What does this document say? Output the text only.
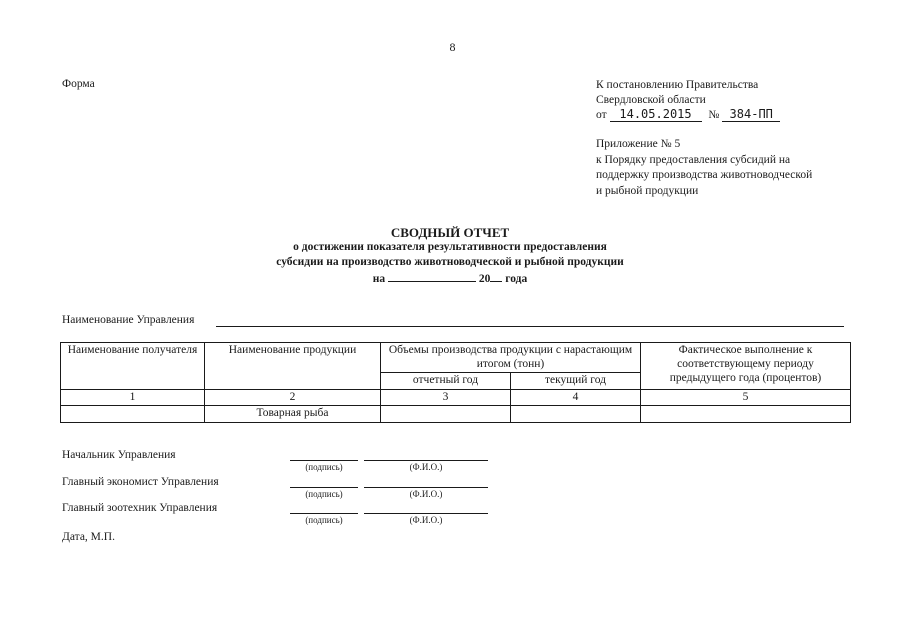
8
Форма	К постановлению Правительства
Свердловской области
от 14.05.2015 № 384-ПП
Приложение № 5
к Порядку предоставления субсидий на
поддержку производства животноводческой
и рыбной продукции
СВОДНЫЙ ОТЧЕТ
о достижении показателя результативности предоставления
субсидии на производство животноводческой и рыбной продукции
на	20 года
Наименование Управления
Наименование получателя	Наименование продукции	Объемы производства продукции с нарастающим итогом (тонн)		Фактическое выполнение к соответствующему периоду предыдущего года (процентов)
		отчетный год	текущий год	
1	2	3	4	5
	Товарная рыба			
Начальник Управления
(подпись)	(Ф.И.О.)
Главный экономист Управления
(подпись)	(Ф.И.О.)
Главный зоотехник Управления
(подпись)	(Ф.И.О.)
Дата, М.П.
